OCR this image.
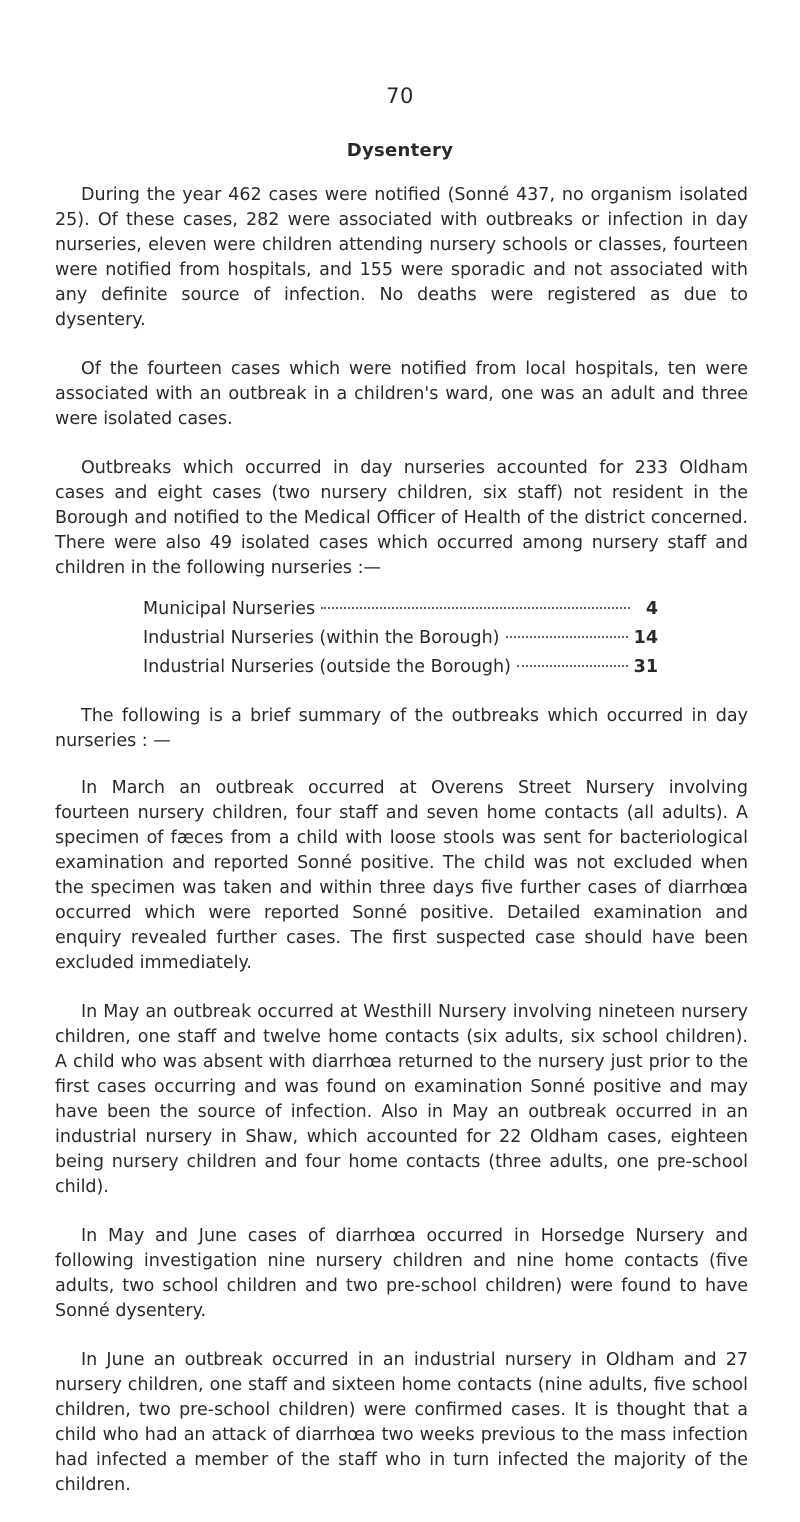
70
Dysentery

During the year 462 cases were notified (Sonné 437, no organism isolated 25). Of these cases, 282 were associated with outbreaks or infection in day nurseries, eleven were children attending nursery schools or classes, fourteen were notified from hospitals, and 155 were sporadic and not associated with any definite source of infection. No deaths were registered as due to dysentery.

Of the fourteen cases which were notified from local hospitals, ten were associated with an outbreak in a children's ward, one was an adult and three were isolated cases.

Outbreaks which occurred in day nurseries accounted for 233 Oldham cases and eight cases (two nursery children, six staff) not resident in the Borough and notified to the Medical Officer of Health of the district concerned. There were also 49 isolated cases which occurred among nursery staff and children in the following nurseries :—

Municipal Nurseries	4
Industrial Nurseries (within the Borough)	14
Industrial Nurseries (outside the Borough)	31

The following is a brief summary of the outbreaks which occurred in day nurseries : —

In March an outbreak occurred at Overens Street Nursery involving fourteen nursery children, four staff and seven home contacts (all adults). A specimen of fæces from a child with loose stools was sent for bacteriological examination and reported Sonné positive. The child was not excluded when the specimen was taken and within three days five further cases of diarrhœa occurred which were reported Sonné positive. Detailed examination and enquiry revealed further cases. The first suspected case should have been excluded immediately.

In May an outbreak occurred at Westhill Nursery involving nineteen nursery children, one staff and twelve home contacts (six adults, six school children). A child who was absent with diarrhœa returned to the nursery just prior to the first cases occurring and was found on examination Sonné positive and may have been the source of infection. Also in May an outbreak occurred in an industrial nursery in Shaw, which accounted for 22 Oldham cases, eighteen being nursery children and four home contacts (three adults, one pre-school child).

In May and June cases of diarrhœa occurred in Horsedge Nursery and following investigation nine nursery children and nine home contacts (five adults, two school children and two pre-school children) were found to have Sonné dysentery.

In June an outbreak occurred in an industrial nursery in Oldham and 27 nursery children, one staff and sixteen home contacts (nine adults, five school children, two pre-school children) were confirmed cases. It is thought that a child who had an attack of diarrhœa two weeks previous to the mass infection had infected a member of the staff who in turn infected the majority of the children.
